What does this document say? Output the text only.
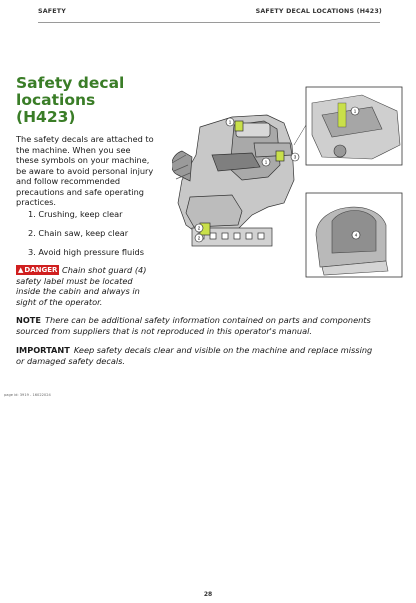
SAFETY	SAFETY DECAL LOCATIONS (H423)
Safety decal locations (H423)
The safety decals are attached to the machine. When you see these symbols on your machine, be aware to avoid personal injury and follow recommended precautions and safe operating practices.
1. Crushing, keep clear
2. Chain saw, keep clear
3. Avoid high pressure fluids
▲DANGER Chain shot guard (4) safety label must be located inside the cabin and always in sight of the operator.
NOTE There can be additional safety information contained on parts and components sourced from suppliers that is not reproduced in this operator's manual.
IMPORTANT Keep safety decals clear and visible on the machine and replace missing or damaged safety decals.
page id: 3919 - 16022024
1
1
3
2
2
1
4
28
